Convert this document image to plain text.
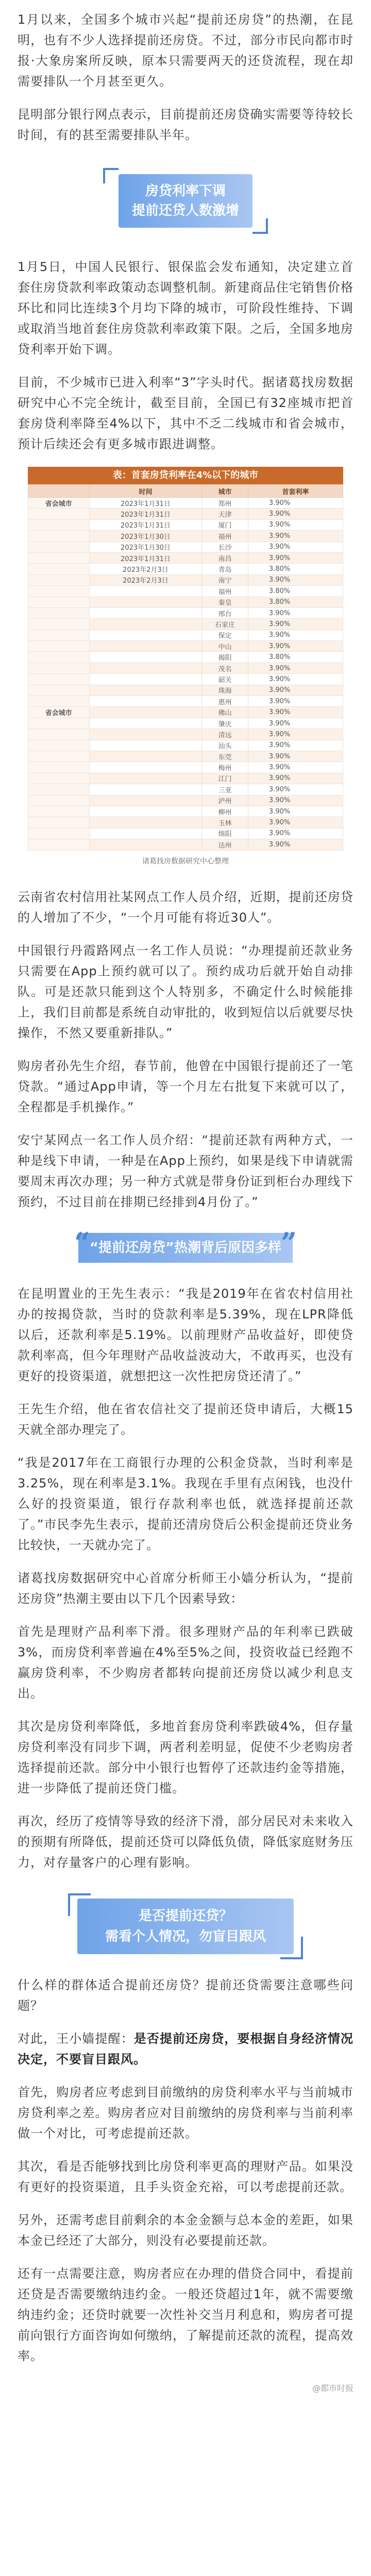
1月以来，全国多个城市兴起“提前还房贷”的热潮，在昆明，也有不少人选择提前还房贷。不过，部分市民向都市时报·大象房案所反映，原本只需要两天的还贷流程，现在却需要排队一个月甚至更久。

昆明部分银行网点表示，目前提前还房贷确实需要等待较长时间，有的甚至需要排队半年。

房贷利率下调
提前还贷人数激增

1月5日，中国人民银行、银保监会发布通知，决定建立首套住房贷款利率政策动态调整机制。新建商品住宅销售价格环比和同比连续3个月均下降的城市，可阶段性维持、下调或取消当地首套住房贷款利率政策下限。之后，全国多地房贷利率开始下调。

目前，不少城市已进入利率“3”字头时代。据诸葛找房数据研究中心不完全统计，截至目前，全国已有32座城市把首套房贷利率降至4%以下，其中不乏二线城市和省会城市，预计后续还会有更多城市跟进调整。

表：首套房贷利率在4%以下的城市
	时间	城市	首套利率
省会城市	2023年1月31日	郑州	3.90%
	2023年1月31日	天津	3.90%
	2023年1月31日	厦门	3.90%
	2023年1月30日	福州	3.90%
	2023年1月30日	长沙	3.90%
	2023年1月31日	南昌	3.90%
	2023年2月3日	青岛	3.80%
	2023年2月3日	南宁	3.90%
		福州	3.80%
		秦皇	3.80%
		邢台	3.90%
		石家庄	3.90%
		保定	3.90%
		中山	3.90%
		揭阳	3.80%
		茂名	3.90%
		韶关	3.90%
		珠海	3.90%
		惠州	3.90%
省会城市		佛山	3.90%
		肇庆	3.90%
		清远	3.90%
		汕头	3.90%
		东莞	3.90%
		梅州	3.90%
		江门	3.90%
		三亚	3.90%
		泸州	3.90%
		柳州	3.90%
		玉林	3.90%
		绵阳	3.90%
		达州	3.90%
诸葛找房数据研究中心整理

云南省农村信用社某网点工作人员介绍，近期，提前还房贷的人增加了不少，“一个月可能有将近30人”。

中国银行丹霞路网点一名工作人员说：“办理提前还款业务只需要在App上预约就可以了。预约成功后就开始自动排队。可是还款只能到这个人特别多，不确定什么时候能排上，我们目前都是系统自动审批的，收到短信以后就要尽快操作，不然又要重新排队。”

购房者孙先生介绍，春节前，他曾在中国银行提前还了一笔贷款。“通过App申请，等一个月左右批复下来就可以了，全程都是手机操作。”

安宁某网点一名工作人员介绍：“提前还款有两种方式，一种是线下申请，一种是在App上预约，如果是线下申请就需要周末再次办理；另一种方式就是带身份证到柜台办理线下预约，不过目前在排期已经排到4月份了。”

“
“提前还房贷”热潮背后原因多样
”

在昆明置业的王先生表示：“我是2019年在省农村信用社办的按揭贷款，当时的贷款利率是5.39%，现在LPR降低以后，还款利率是5.19%。以前理财产品收益好，即使贷款利率高，但今年理财产品收益波动大，不敢再买，也没有更好的投资渠道，就想把这一次性把房贷还清了。”

王先生介绍，他在省农信社交了提前还贷申请后，大概15天就全部办理完了。

“我是2017年在工商银行办理的公积金贷款，当时利率是3.25%，现在利率是3.1%。我现在手里有点闲钱，也没什么好的投资渠道，银行存款利率也低，就选择提前还款了。”市民李先生表示，提前还清房贷后公积金提前还贷业务比较快，一天就办完了。

诸葛找房数据研究中心首席分析师王小嫱分析认为，“提前还房贷”热潮主要由以下几个因素导致：

首先是理财产品利率下滑。很多理财产品的年利率已跌破3%，而房贷利率普遍在4%至5%之间，投资收益已经跑不赢房贷利率，不少购房者都转向提前还房贷以减少利息支出。

其次是房贷利率降低，多地首套房贷利率跌破4%，但存量房贷利率没有同步下调，两者利差明显，促使不少老购房者选择提前还款。部分中小银行也暂停了还款违约金等措施，进一步降低了提前还贷门槛。

再次，经历了疫情等导致的经济下滑，部分居民对未来收入的预期有所降低，提前还贷可以降低负债，降低家庭财务压力，对存量客户的心理有影响。

是否提前还贷？
需看个人情况，勿盲目跟风

什么样的群体适合提前还房贷？提前还贷需要注意哪些问题？

对此，王小嫱提醒：是否提前还房贷，要根据自身经济情况决定，不要盲目跟风。

首先，购房者应考虑到目前缴纳的房贷利率水平与当前城市房贷利率之差。购房者应对目前缴纳的房贷利率与当前利率做一个对比，可考虑提前还款。

其次，看是否能够找到比房贷利率更高的理财产品。如果没有更好的投资渠道，且手头资金充裕，可以考虑提前还款。

另外，还需考虑目前剩余的本金金额与总本金的差距，如果本金已经还了大部分，则没有必要提前还款。

还有一点需要注意，购房者应在办理的借贷合同中，看提前还贷是否需要缴纳违约金。一般还贷超过1年，就不需要缴纳违约金；还贷时就要一次性补交当月利息和，购房者可提前向银行方面咨询如何缴纳，了解提前还款的流程，提高效率。

@都市时报
